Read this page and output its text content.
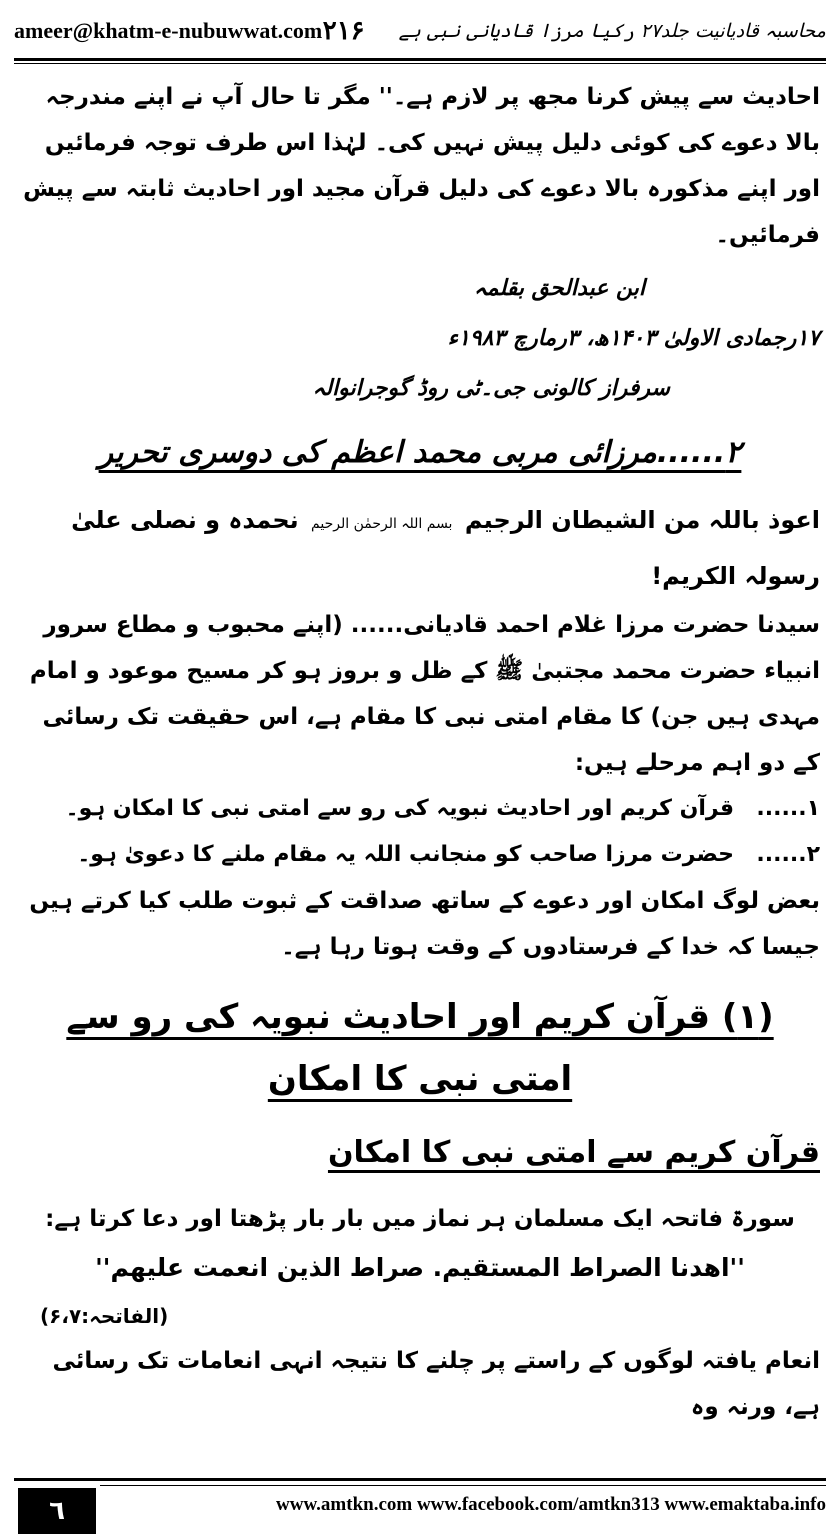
ameer@khatm-e-nubuwwat.com	محاسبہ قادیانیت جلد۲۷ رکیا مرزا قادیانی نبی ہے
۲۱۶

احادیث سے پیش کرنا مجھ پر لازم ہے۔'' مگر تا حال آپ نے اپنے مندرجہ بالا دعوے کی کوئی دلیل پیش نہیں کی۔ لہٰذا اس طرف توجہ فرمائیں اور اپنے مذکورہ بالا دعوے کی دلیل قرآن مجید اور احادیث ثابتہ سے پیش فرمائیں۔

ابن عبدالحق بقلمہ
۱۷رجمادی الاولیٰ ۱۴۰۳ھ، ۳رمارچ ۱۹۸۳ء
سرفراز کالونی جی۔ٹی روڈ گوجرانوالہ
۲......مرزائی مربی محمد اعظم کی دوسری تحریر
اعوذ باللہ من الشیطان الرجیم بسم اللہ الرحمٰن الرحیم نحمدہ و نصلی علیٰ رسولہ الکریم!

سیدنا حضرت مرزا غلام احمد قادیانی...... (اپنے محبوب و مطاع سرور انبیاء حضرت محمد مجتبیٰ ﷺ کے ظل و بروز ہو کر مسیح موعود و امام مہدی ہیں جن) کا مقام امتی نبی کا مقام ہے، اس حقیقت تک رسائی کے دو اہم مرحلے ہیں:

۱......
قرآن کریم اور احادیث نبویہ کی رو سے امتی نبی کا امکان ہو۔
۲......
حضرت مرزا صاحب کو منجانب اللہ یہ مقام ملنے کا دعویٰ ہو۔

بعض لوگ امکان اور دعوے کے ساتھ صداقت کے ثبوت طلب کیا کرتے ہیں جیسا کہ خدا کے فرستادوں کے وقت ہوتا رہا ہے۔

(۱) قرآن کریم اور احادیث نبویہ کی رو سے امتی نبی کا امکان
قرآن کریم سے امتی نبی کا امکان

سورۃ فاتحہ ایک مسلمان ہر نماز میں بار بار پڑھتا اور دعا کرتا ہے:

''اھدنا الصراط المستقیم. صراط الذین انعمت علیھم''
(الفاتحہ:۶،۷)

انعام یافتہ لوگوں کے راستے پر چلنے کا نتیجہ انہی انعامات تک رسائی ہے، ورنہ وہ

٦	www.amtkn.com www.facebook.com/amtkn313 www.emaktaba.info
